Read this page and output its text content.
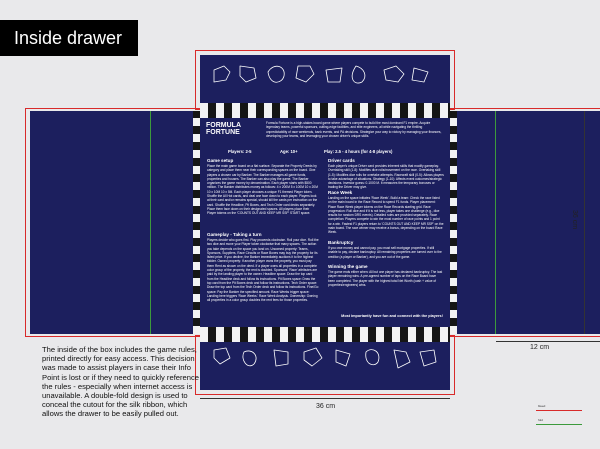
Inside drawer
FORMULA
FORTUNE
Formula Fortune is a high-stakes board game where players compete to build the most dominant F1 empire. Acquire legendary teams, powerful sponsors, cutting-edge facilities, and elite engineers, all while navigating the thrilling unpredictability of race weekends, bank events, and PA decisions. Strategize your way to victory by managing your finances, developing your teams, and leveraging your chosen driver's unique skills.
Players: 2-5	Age: 10+	Play: 2.5 - 4 hours (for 4-8 players)
Game setup
Place the main game board on a flat surface. Separate the Property Deeds by category and place them near their corresponding spaces on the board. Give players a chosen car by Banker. The Banker manages all game funds, properties and houses. The Banker can also play the game. The Banker organizes the game money by denomination. Each player starts with $500 million. The Banker distributes money as follows: 4 x 200M 5 x 100M 10 x 20M 10 x 10M 10 x 5M. Each player chooses a unique F1 themed Player token. Shuffle the All Hot cards, and deal one face down to each player. Players look at their card and/or remains special, should kill the cards per instruction on the card. Shuffle the Headline, Pit Boxes, and Tech Order card decks separately. Place them face down on their designated spaces. All players place their Player tokens on the 'COUNTS OUT AND KEEP MR SSP' START space.
Gameplay - Taking a turn
Players decide who goes first. Play proceeds clockwise. Roll your dice. Roll the two dice and move your Player token clockwise that many spaces. The action you take depends on the space you land on. Unowned property: Teams, Sponsors, Suppliers, Race Circuits or Race Boxes may buy the property for its listed price. If you decline, the Banker immediately auctions it to the highest bidder. Owned property: If another player owns the property, you must pay them Rent as shown on the deed. If a player owns all properties in a complete color group of the property, the rent is doubled. Sponsors' 'Race' attributes are paid by the landing player to the owner. Headline space: Draw the top card from the Headline deck and follow its instructions. Pit Boxes space: Draw the top card from the Pit Boxes deck and follow its instructions. Tech Order space: Draw the top card from the Tech Order deck and follow its instructions. Fine/Go space: Pay the Banker the specified amount. Race Weeks trigger space: Landing here triggers 'Race Weeks.' Race Week Analysis. Ownership: Owning all properties in a color group doubles the rent fees for those properties.
Driver cards
Each player's unique Driver card provides inherent skills that modify gameplay. Overtaking skill (1-8): Modifies dice rolls/movement on the race. Overtaking skill (1-5): Modifies dice rolls for overtake attempts. Racecraft skill (0-5): Allows players to take advantage of situations. Strategy (1-10): Affects event outcomes/strategic decisions. Investor guess: 0-1000 M. It measures the temporary bonuses or trading the Driver may give.
Race Week
Landing on the space initiates 'Race Week'. Build a team: Check the race listed on the main board in the Race Record to spend F1 funds. Player placement: Place Race Week player tokens on the Race Records starting grid. Race progression: Roll dice and if it is not less, player takes one challenge (e.g., dice results for random DRS events). Detailed rules are provided separately. Race completion: Players compete to win the most number of race points and 1 point for a win. Fastest F1 players return to 'COUNTS OUT AND KEEP MR SSP' on the main board. The race winner may receive a bonus, depending on the board Race Week.
Bankruptcy
If you owe money and cannot pay, you must sell mortgage properties. If still unable to pay, declare bankruptcy. All remaining properties are turned over to the creditor (a player or Banker), and you are out of the game.
Winning the game
The game ends either when: All but one player has declared bankruptcy. The last player remaining wins. A pre-agreed number of laps on the Race Board have been completed. The player with the highest total Net Worth (cash + value of properties/engineers) wins.
Most importantly have fun and connect with the players!
36 cm
12 cm
36 cm
The inside of the box includes the game rules, printed directly for easy access. This decision was made to assist players in case their Info Point is lost or if they need to quickly reference the rules - especially when internet access is unavailable. A double-fold design is used to conceal the cutout for the silk ribbon, which allows the drawer to be easily pulled out.
bleed
fold
